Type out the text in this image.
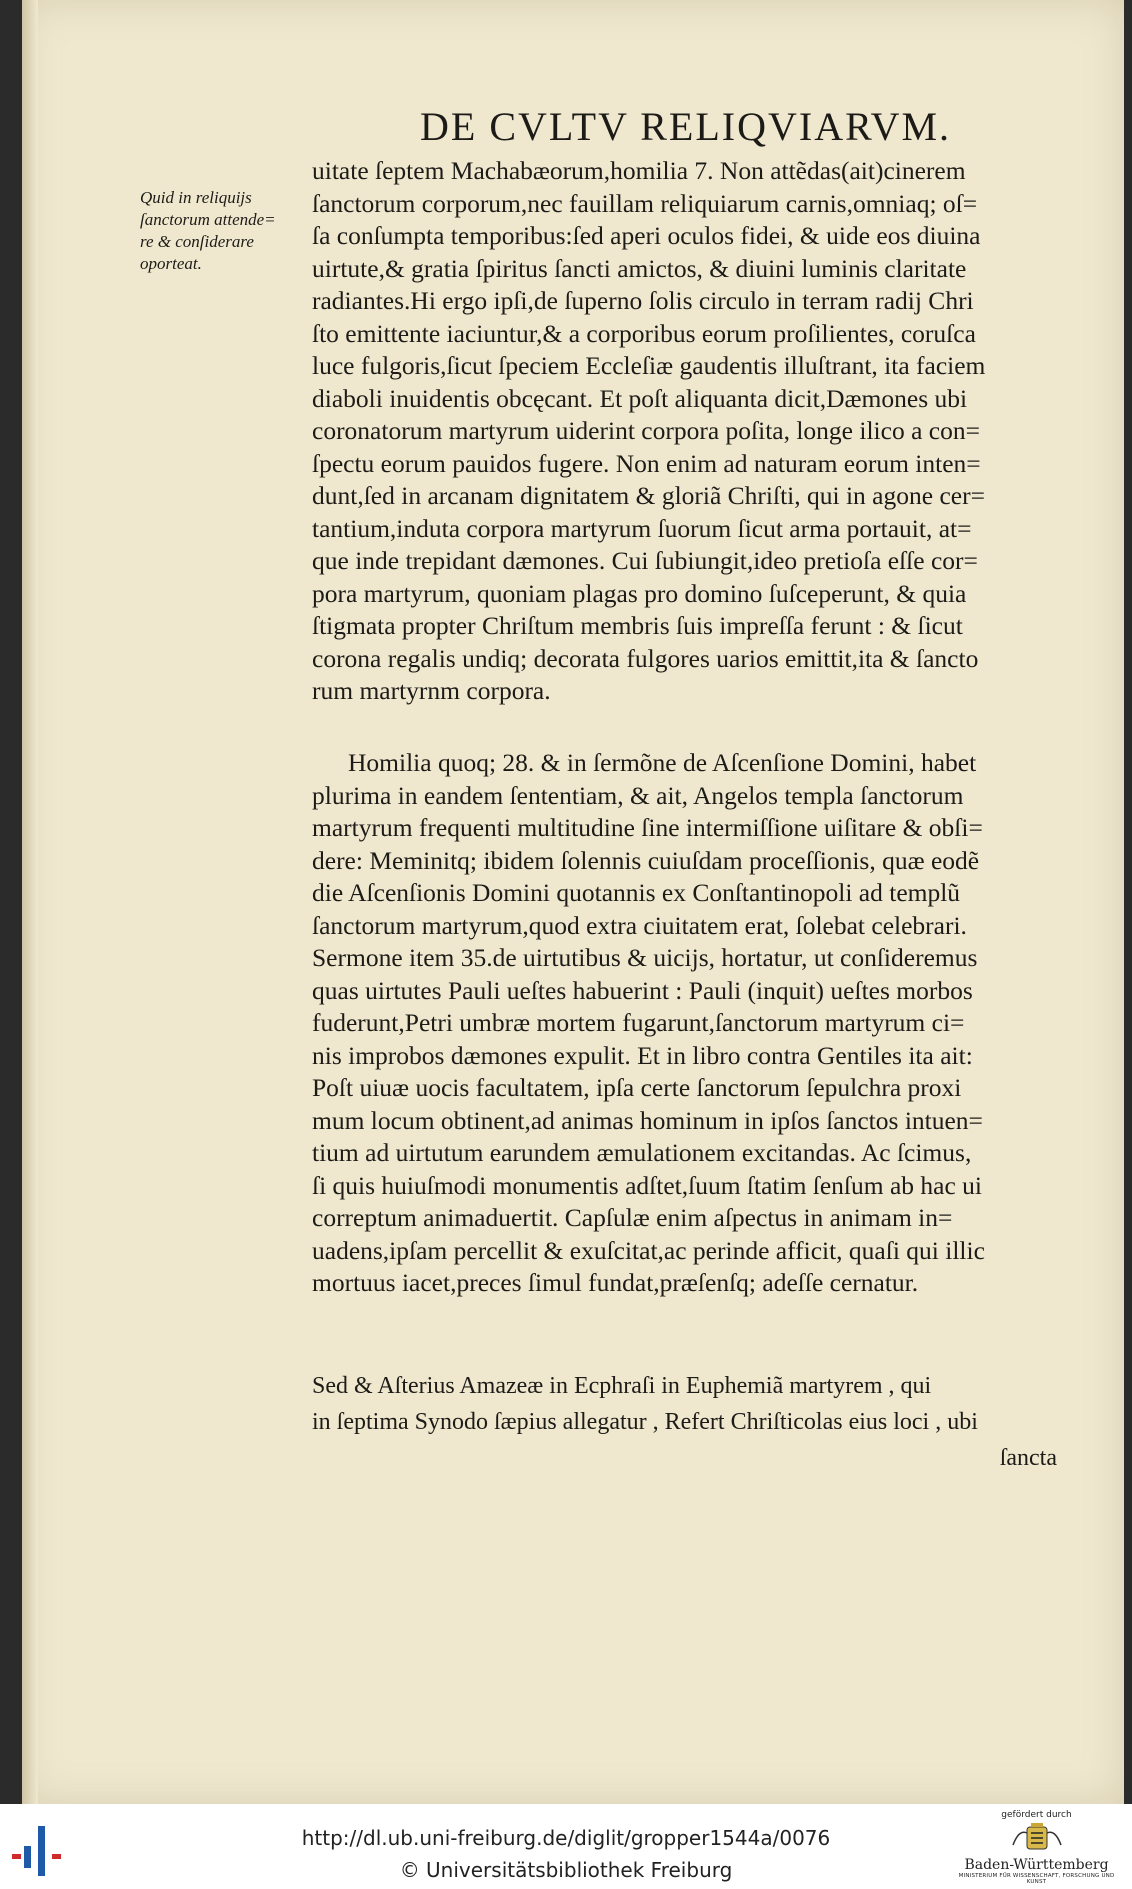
DE CVLTV RELIQVIARVM.
Quid in reliquijs
ſanctorum attende=
re & conſiderare
oporteat.
uitate ſeptem Machabæorum,homilia 7. Non attẽdas(ait)cinerem
ſanctorum corporum,nec fauillam reliquiarum carnis,omniaq; oſ=
ſa conſumpta temporibus:ſed aperi oculos fidei, & uide eos diuina
uirtute,& gratia ſpiritus ſancti amictos, & diuini luminis claritate
radiantes.Hi ergo ipſi,de ſuperno ſolis circulo in terram radij Chri
ſto emittente iaciuntur,& a corporibus eorum proſilientes, coruſca
luce fulgoris,ſicut ſpeciem Eccleſiæ gaudentis illuſtrant, ita faciem
diaboli inuidentis obcęcant. Et poſt aliquanta dicit,Dæmones ubi
coronatorum martyrum uiderint corpora poſita, longe ilico a con=
ſpectu eorum pauidos fugere. Non enim ad naturam eorum inten=
dunt,ſed in arcanam dignitatem & gloriã Chriſti, qui in agone cer=
tantium,induta corpora martyrum ſuorum ſicut arma portauit, at=
que inde trepidant dæmones. Cui ſubiungit,ideo pretioſa eſſe cor=
pora martyrum, quoniam plagas pro domino ſuſceperunt, & quia
ſtigmata propter Chriſtum membris ſuis impreſſa ferunt : & ſicut
corona regalis undiq; decorata fulgores uarios emittit,ita & ſancto
rum martyrnm corpora.
Homilia quoq; 28. & in ſermõne de Aſcenſione Domini, habet
plurima in eandem ſententiam, & ait, Angelos templa ſanctorum
martyrum frequenti multitudine ſine intermiſſione uiſitare & obſi=
dere: Meminitq; ibidem ſolennis cuiuſdam proceſſionis, quæ eodẽ
die Aſcenſionis Domini quotannis ex Conſtantinopoli ad templũ
ſanctorum martyrum,quod extra ciuitatem erat, ſolebat celebrari.
Sermone item 35.de uirtutibus & uicijs, hortatur, ut conſideremus
quas uirtutes Pauli ueſtes habuerint : Pauli (inquit) ueſtes morbos
fuderunt,Petri umbræ mortem fugarunt,ſanctorum martyrum ci=
nis improbos dæmones expulit. Et in libro contra Gentiles ita ait:
Poſt uiuæ uocis facultatem, ipſa certe ſanctorum ſepulchra proxi
mum locum obtinent,ad animas hominum in ipſos ſanctos intuen=
tium ad uirtutum earundem æmulationem excitandas. Ac ſcimus,
ſi quis huiuſmodi monumentis adſtet,ſuum ſtatim ſenſum ab hac ui
correptum animaduertit. Capſulæ enim aſpectus in animam in=
uadens,ipſam percellit & exuſcitat,ac perinde afficit, quaſi qui illic
mortuus iacet,preces ſimul fundat,præſenſq; adeſſe cernatur.
Sed & Aſterius Amazeæ in Ecphraſi in Euphemiã martyrem , qui
in ſeptima Synodo ſæpius allegatur , Refert Chriſticolas eius loci , ubi
ſancta
http://dl.ub.uni-freiburg.de/diglit/gropper1544a/0076
© Universitätsbibliothek Freiburg
gefördert durch
Baden-Württemberg
MINISTERIUM FÜR WISSENSCHAFT, FORSCHUNG UND KUNST
